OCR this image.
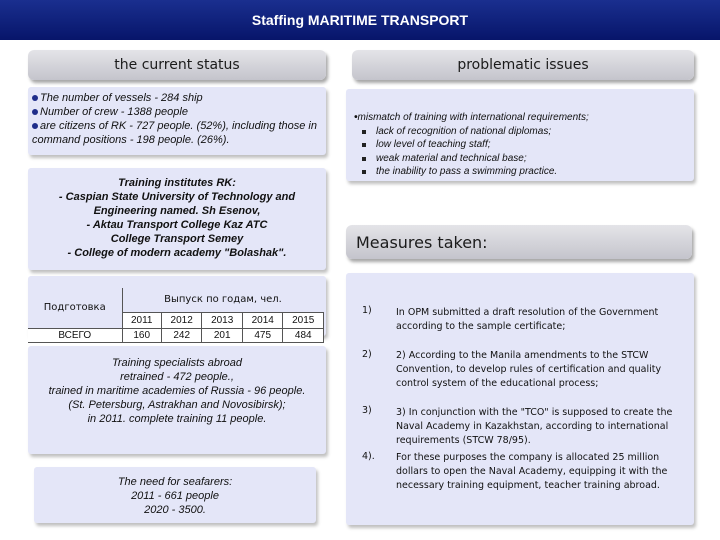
Staffing MARITIME TRANSPORT
the current status
The number of vessels - 284 ship
Number of crew - 1388 people
are citizens of RK - 727 people. (52%), including those in command positions - 198 people. (26%).
problematic issues
•mismatch of training with international requirements;
lack of recognition of national diplomas;
low level of teaching staff;
weak material and technical base;
the inability to pass a swimming practice.
Training institutes RK:
- Caspian State University of Technology and Engineering named. Sh Esenov,
- Aktau Transport College Kaz ATC
College Transport Semey
- College of modern academy "Bolashak".
Подготовка	Выпуск по годам, чел.				
	2011	2012	2013	2014	2015
ВСЕГО	160	242	201	475	484
Training specialists abroad
retrained - 472 people.,
trained in maritime academies of Russia - 96 people. (St. Petersburg, Astrakhan and Novosibirsk);
in 2011. complete training 11 people.
The need for seafarers:
2011 - 661 people
2020 - 3500.
Measures taken:
1)	In OPM submitted a draft resolution of the Government according to the sample certificate;
2)	2) According to the Manila amendments to the STCW Convention, to develop rules of certification and quality control system of the educational process;
3)	3) In conjunction with the "TCO" is supposed to create the Naval Academy in Kazakhstan, according to international requirements (STCW 78/95).
4). For these purposes the company is allocated 25 million dollars to open the Naval Academy, equipping it with the necessary training equipment, teacher training abroad.
